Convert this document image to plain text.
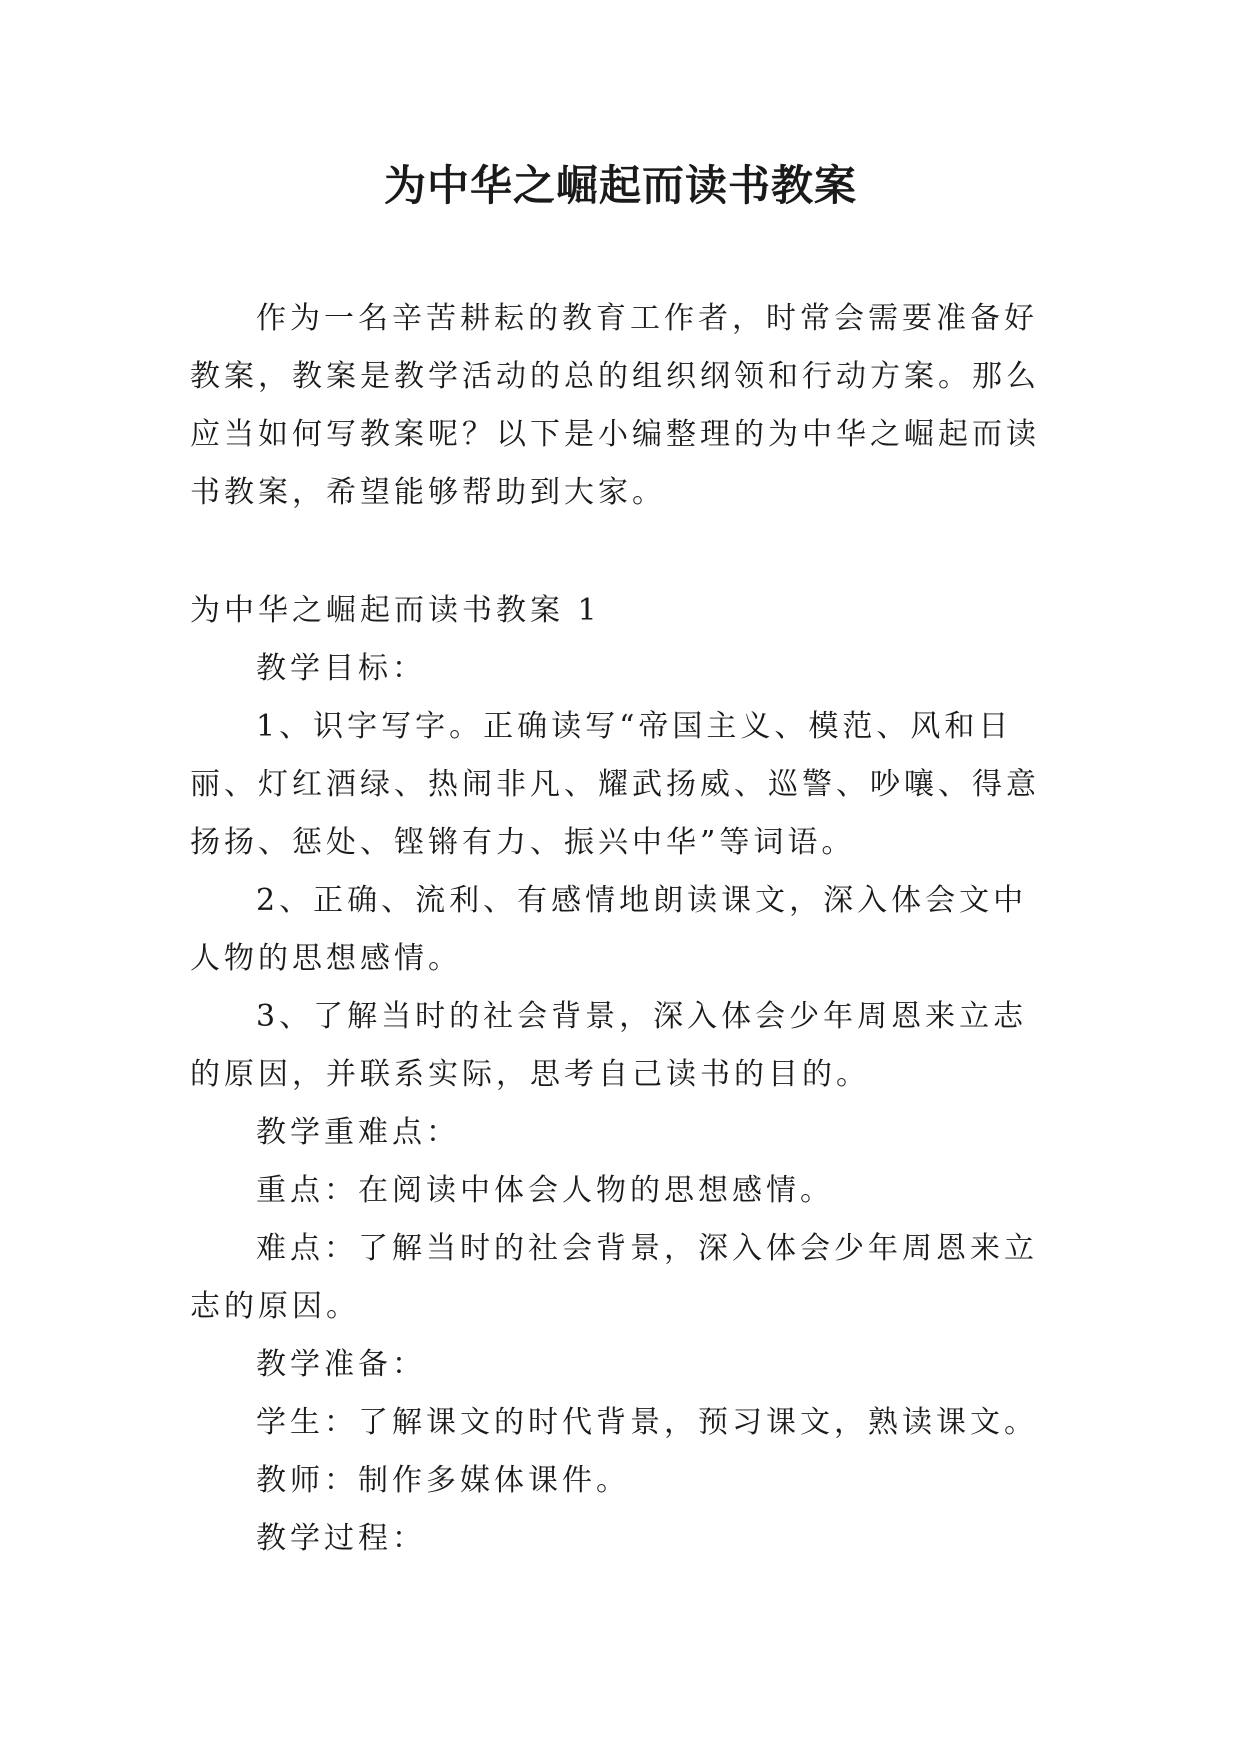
为中华之崛起而读书教案

作为一名辛苦耕耘的教育工作者，时常会需要准备好教案，教案是教学活动的总的组织纲领和行动方案。那么应当如何写教案呢？以下是小编整理的为中华之崛起而读书教案，希望能够帮助到大家。

为中华之崛起而读书教案 1

教学目标：

1、识字写字。正确读写“帝国主义、模范、风和日丽、灯红酒绿、热闹非凡、耀武扬威、巡警、吵嚷、得意扬扬、惩处、铿锵有力、振兴中华”等词语。

2、正确、流利、有感情地朗读课文，深入体会文中人物的思想感情。

3、了解当时的社会背景，深入体会少年周恩来立志的原因，并联系实际，思考自己读书的目的。

教学重难点：

重点：在阅读中体会人物的思想感情。

难点：了解当时的社会背景，深入体会少年周恩来立志的原因。

教学准备：

学生：了解课文的时代背景，预习课文，熟读课文。

教师：制作多媒体课件。

教学过程：
